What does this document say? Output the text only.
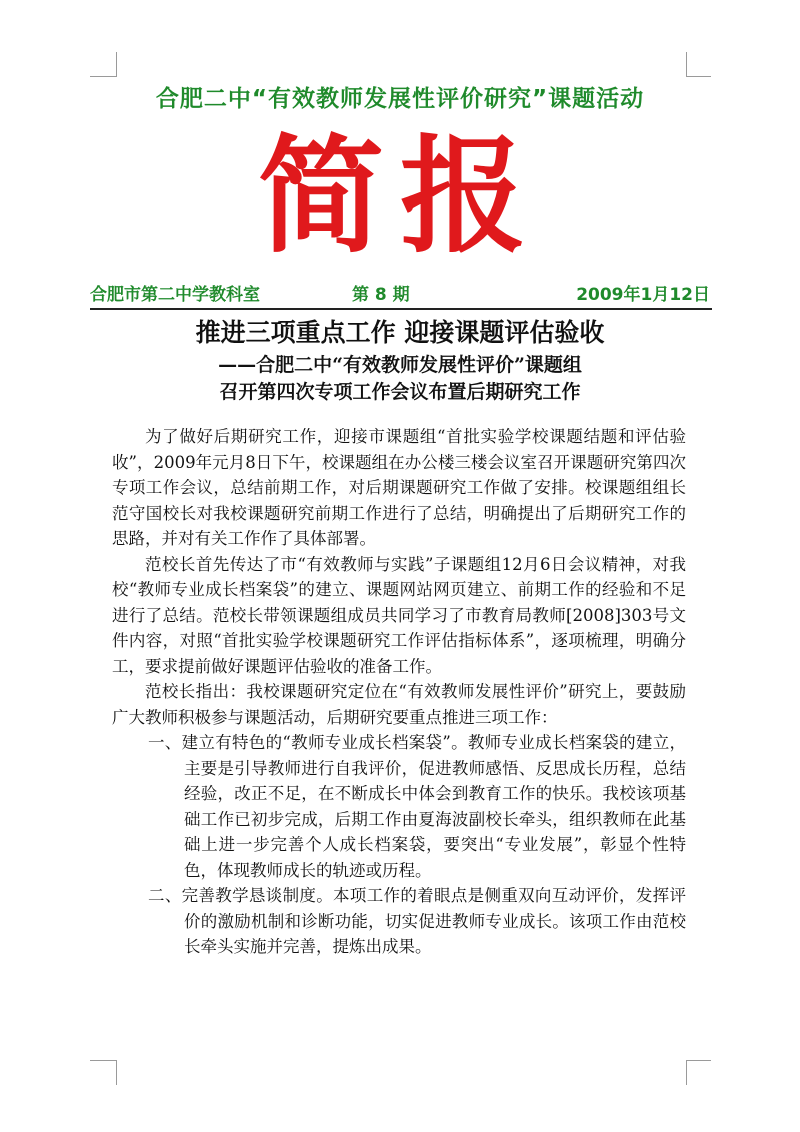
合肥二中“有效教师发展性评价研究”课题活动
简报
合肥市第二中学教科室	第 8 期	2009年1月12日
推进三项重点工作 迎接课题评估验收
——合肥二中“有效教师发展性评价”课题组
召开第四次专项工作会议布置后期研究工作

为了做好后期研究工作，迎接市课题组“首批实验学校课题结题和评估验收”，2009年元月8日下午，校课题组在办公楼三楼会议室召开课题研究第四次专项工作会议，总结前期工作，对后期课题研究工作做了安排。校课题组组长范守国校长对我校课题研究前期工作进行了总结，明确提出了后期研究工作的思路，并对有关工作作了具体部署。

范校长首先传达了市“有效教师与实践”子课题组12月6日会议精神，对我校“教师专业成长档案袋”的建立、课题网站网页建立、前期工作的经验和不足进行了总结。范校长带领课题组成员共同学习了市教育局教师[2008]303号文件内容，对照“首批实验学校课题研究工作评估指标体系”，逐项梳理，明确分工，要求提前做好课题评估验收的准备工作。

范校长指出：我校课题研究定位在“有效教师发展性评价”研究上，要鼓励广大教师积极参与课题活动，后期研究要重点推进三项工作：

一、建立有特色的“教师专业成长档案袋”。教师专业成长档案袋的建立，主要是引导教师进行自我评价，促进教师感悟、反思成长历程，总结经验，改正不足，在不断成长中体会到教育工作的快乐。我校该项基础工作已初步完成，后期工作由夏海波副校长牵头，组织教师在此基础上进一步完善个人成长档案袋，要突出“专业发展”，彰显个性特色，体现教师成长的轨迹或历程。

二、完善教学恳谈制度。本项工作的着眼点是侧重双向互动评价，发挥评价的激励机制和诊断功能，切实促进教师专业成长。该项工作由范校长牵头实施并完善，提炼出成果。
